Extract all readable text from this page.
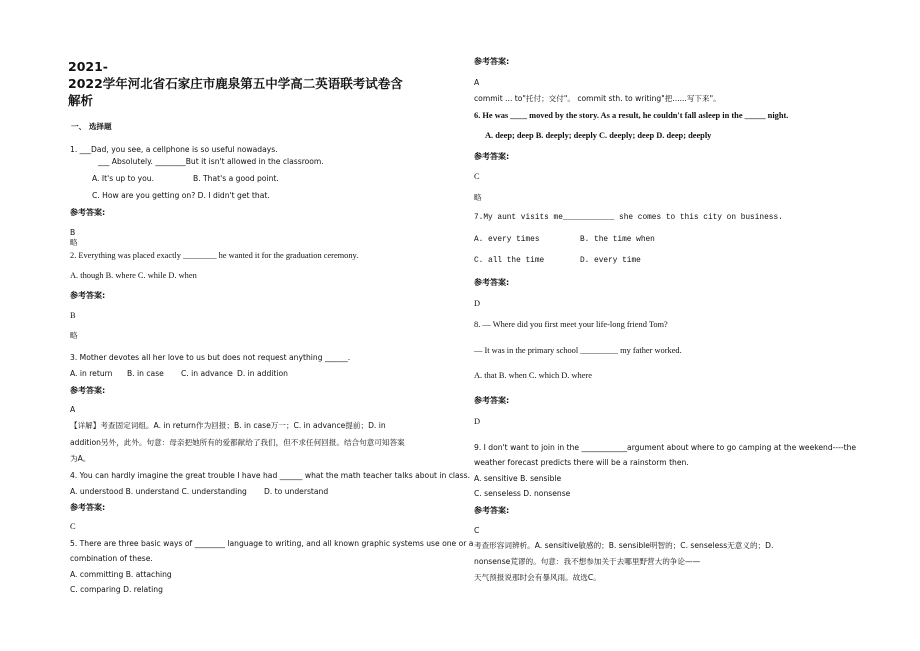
2021-
2022学年河北省石家庄市鹿泉第五中学高二英语联考试卷含
解析
一、 选择题
1. ___Dad, you see, a cellphone is so useful nowadays.
___ Absolutely. ________But it isn't allowed in the classroom.
A. It's up to you.	B. That's a good point.
C. How are you getting on? D. I didn't get that.
参考答案:
B
略
2. Everything was placed exactly ________ he wanted it for the graduation ceremony.
A. though B. where C. while D. when
参考答案:
B
略
3. Mother devotes all her love to us but does not request anything ______.
A. in return B. in case C. in advance D. in addition
参考答案:
A
【详解】考查固定词组。A. in return作为回报；B. in case万一；C. in advance提前；D. in
addition另外，此外。句意：母亲把她所有的爱都献给了我们，但不求任何回报。结合句意可知答案
为A。
4. You can hardly imagine the great trouble I have had ______ what the math teacher talks about in class.
A. understood B. understand C. understanding D. to understand
参考答案:
C
5. There are three basic ways of ________ language to writing, and all known graphic systems use one or a
combination of these.
A. committing B. attaching
C. comparing D. relating
参考答案:
A
commit ... to"托付；交付"。 commit sth. to writing"把......写下来"。
6. He was ____ moved by the story. As a result, he couldn't fall asleep in the _____ night.
A. deep; deep B. deeply; deeply C. deeply; deep D. deep; deeply
参考答案:
C
略
7.My aunt visits me___________ she comes to this city on business.
A. every times	B. the time when
C. all the time	D. every time
参考答案:
D
8. — Where did you first meet your life-long friend Tom?
— It was in the primary school _________ my father worked.
A. that B. when C. which D. where
参考答案:
D
9. I don't want to join in the ____________argument about where to go camping at the weekend----the
weather forecast predicts there will be a rainstorm then.
A. sensitive B. sensible
C. senseless D. nonsense
参考答案:
C
考查形容词辨析。A. sensitive敏感的；B. sensible明智的；C. senseless无意义的；D.
nonsense荒谬的。句意：我不想参加关于去哪里野营大的争论——
天气预报说那时会有暴风雨。故选C。
